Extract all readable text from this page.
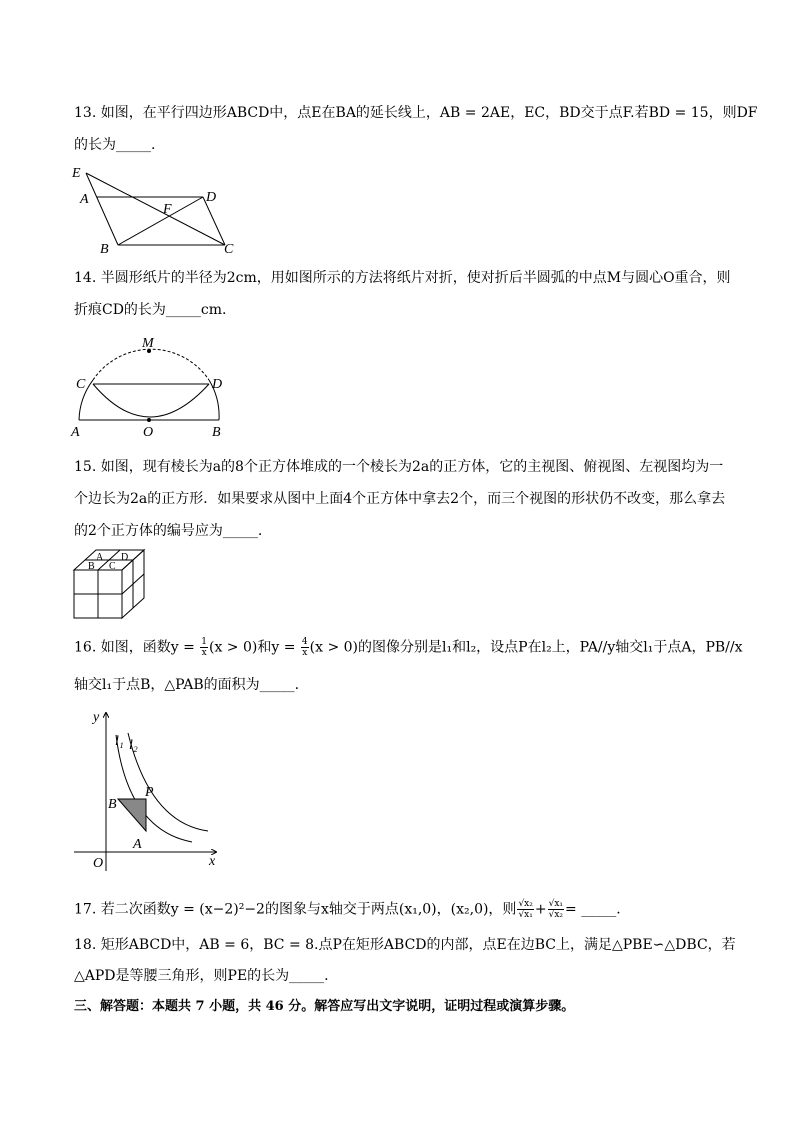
13. 如图，在平行四边形ABCD中，点E在BA的延长线上，AB = 2AE，EC，BD交于点F.若BD = 15，则DF
的长为_____.
E
A
F
D
B	C
14. 半圆形纸片的半径为2cm，用如图所示的方法将纸片对折，使对折后半圆弧的中点M与圆心O重合，则
折痕CD的长为_____cm.
M
C	D
A	O	B
15. 如图，现有棱长为a的8个正方体堆成的一个棱长为2a的正方体，它的主视图、俯视图、左视图均为一
个边长为2a的正方形．如果要求从图中上面4个正方体中拿去2个，而三个视图的形状仍不改变，那么拿去
的2个正方体的编号应为_____.
A D
B C
16. 如图，函数$y = \frac{1}{x} (x > 0)$和$y = \frac{4}{x} (x > 0)$的图像分别是l₁和l₂，设点P在l₂上，PA//y轴交l₁于点A，PB//x
轴交l₁于点B，△PAB的面积为_____.
y
l₁ l₂
P
B
A
O	x
17. 若二次函数y = (x−2)²−2的图象与x轴交于两点(x₁,0)，(x₂,0)，则 $\frac{\text{√x₂}}{\text{√x₁}} + \frac{\text{√x₁}}{\text{√x₂}}$ = _____.
18. 矩形ABCD中，AB = 6，BC = 8.点P在矩形ABCD的内部，点E在边BC上，满足△PBE∽△DBC，若
△APD是等腰三角形，则PE的长为_____.
三、解答题：本题共 7 小题，共 46 分。解答应写出文字说明，证明过程或演算步骤。
